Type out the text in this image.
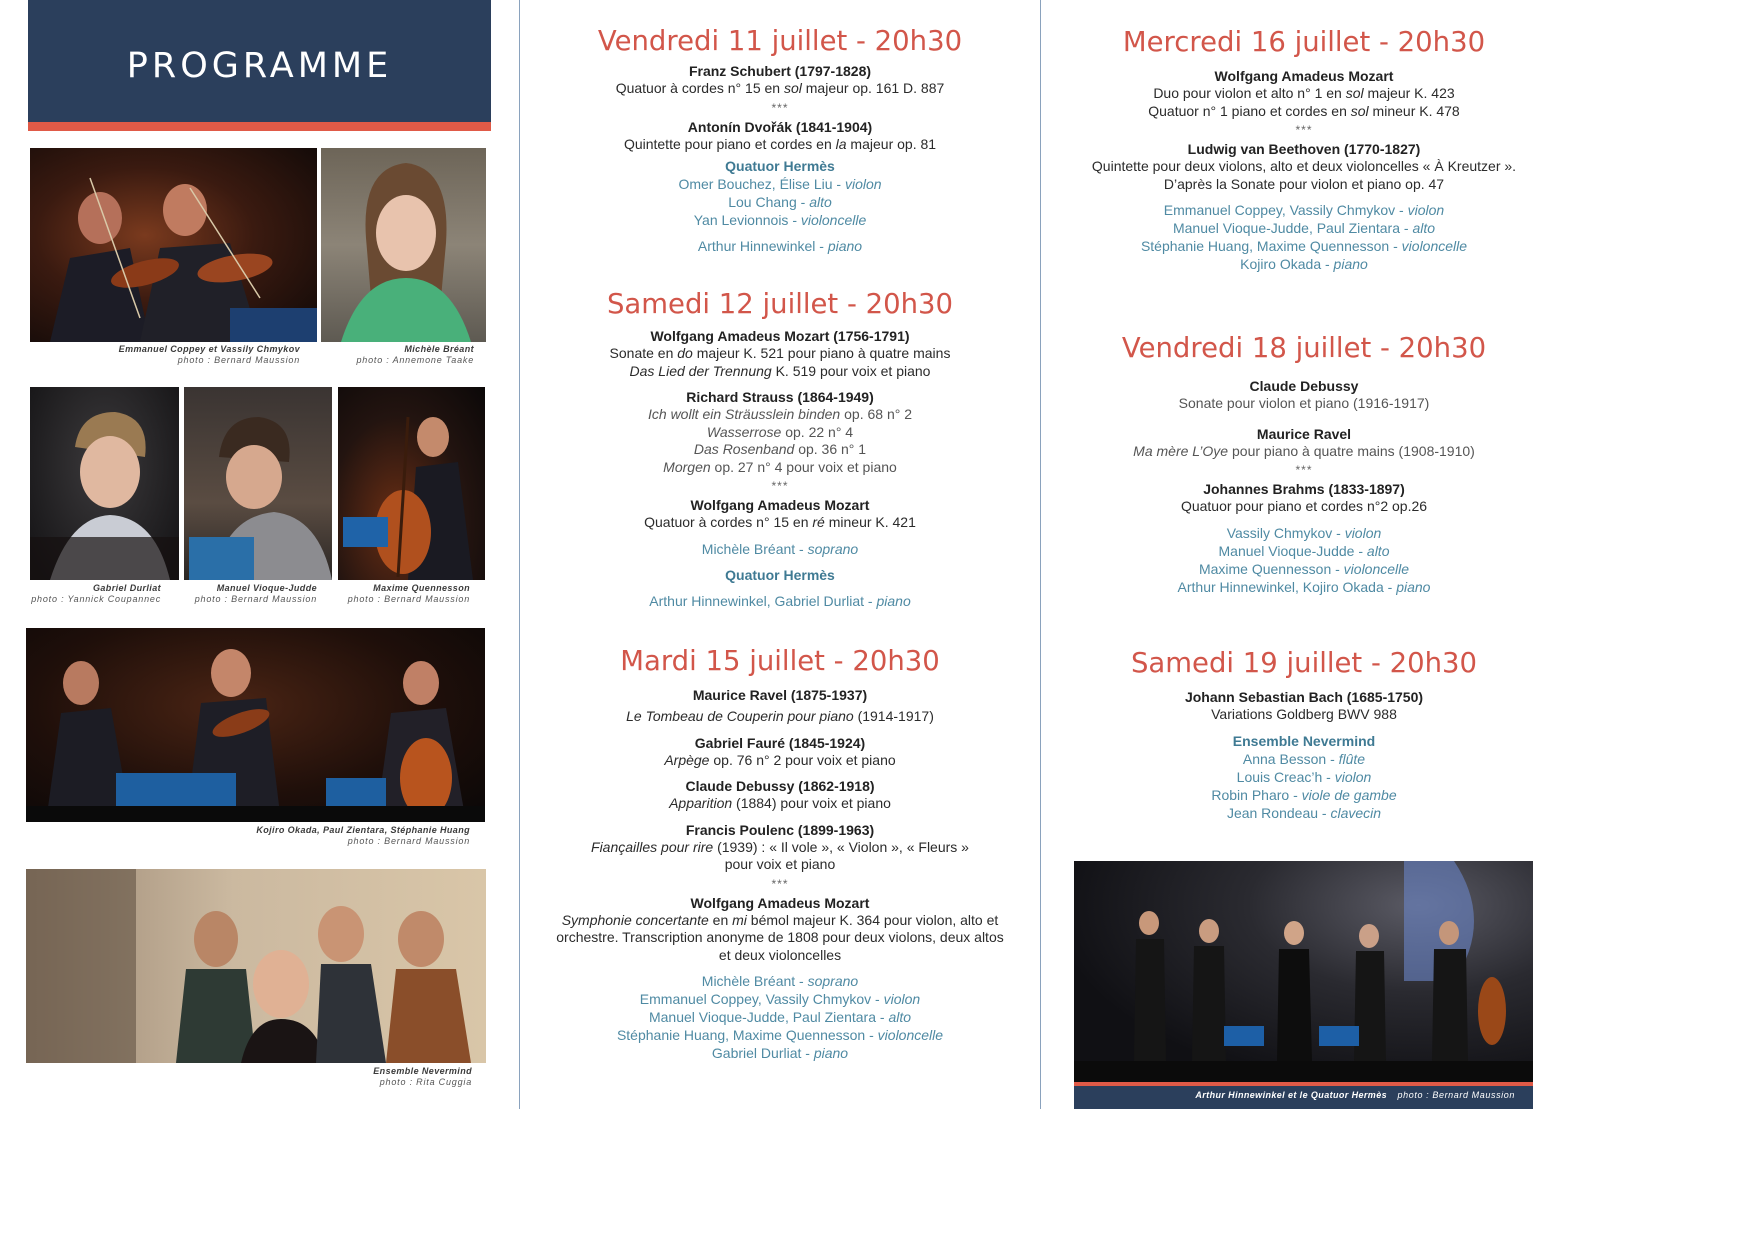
PROGRAMME
Emmanuel Coppey et Vassily Chmykov
photo : Bernard Maussion
Michèle Bréant
photo : Annemone Taake
Gabriel Durliat
photo : Yannick Coupannec
Manuel Vioque-Judde
photo : Bernard Maussion
Maxime Quennesson
photo : Bernard Maussion
Kojiro Okada, Paul Zientara, Stéphanie Huang
photo : Bernard Maussion
Ensemble Nevermind
photo : Rita Cuggia
Vendredi 11 juillet - 20h30
Franz Schubert (1797-1828)
Quatuor à cordes n° 15 en sol majeur op. 161 D. 887
***
Antonín Dvořák (1841-1904)
Quintette pour piano et cordes en la majeur op. 81
Quatuor Hermès
Omer Bouchez, Élise Liu - violon
Lou Chang - alto
Yan Levionnois - violoncelle
Arthur Hinnewinkel - piano
Samedi 12 juillet - 20h30
Wolfgang Amadeus Mozart (1756-1791)
Sonate en do majeur K. 521 pour piano à quatre mains
Das Lied der Trennung K. 519 pour voix et piano
Richard Strauss (1864-1949)
Ich wollt ein Sträusslein binden op. 68 n° 2
Wasserrose op. 22 n° 4
Das Rosenband op. 36 n° 1
Morgen op. 27 n° 4 pour voix et piano
***
Wolfgang Amadeus Mozart
Quatuor à cordes n° 15 en ré mineur K. 421
Michèle Bréant - soprano
Quatuor Hermès
Arthur Hinnewinkel, Gabriel Durliat - piano
Mardi 15 juillet - 20h30
Maurice Ravel (1875-1937)
Le Tombeau de Couperin pour piano (1914-1917)
Gabriel Fauré (1845-1924)
Arpège op. 76 n° 2 pour voix et piano
Claude Debussy (1862-1918)
Apparition (1884) pour voix et piano
Francis Poulenc (1899-1963)
Fiançailles pour rire (1939) : « Il vole », « Violon », « Fleurs »
pour voix et piano
***
Wolfgang Amadeus Mozart
Symphonie concertante en mi bémol majeur K. 364 pour violon, alto et
orchestre. Transcription anonyme de 1808 pour deux violons, deux altos
et deux violoncelles
Michèle Bréant - soprano
Emmanuel Coppey, Vassily Chmykov - violon
Manuel Vioque-Judde, Paul Zientara - alto
Stéphanie Huang, Maxime Quennesson - violoncelle
Gabriel Durliat - piano
Mercredi 16 juillet - 20h30
Wolfgang Amadeus Mozart
Duo pour violon et alto n° 1 en sol majeur K. 423
Quatuor n° 1 piano et cordes en sol mineur K. 478
***
Ludwig van Beethoven (1770-1827)
Quintette pour deux violons, alto et deux violoncelles « À Kreutzer ».
D’après la Sonate pour violon et piano op. 47
Emmanuel Coppey, Vassily Chmykov - violon
Manuel Vioque-Judde, Paul Zientara - alto
Stéphanie Huang, Maxime Quennesson - violoncelle
Kojiro Okada - piano
Vendredi 18 juillet - 20h30
Claude Debussy
Sonate pour violon et piano (1916-1917)
Maurice Ravel
Ma mère L’Oye pour piano à quatre mains (1908-1910)
***
Johannes Brahms (1833-1897)
Quatuor pour piano et cordes n°2 op.26
Vassily Chmykov - violon
Manuel Vioque-Judde - alto
Maxime Quennesson - violoncelle
Arthur Hinnewinkel, Kojiro Okada - piano
Samedi 19 juillet - 20h30
Johann Sebastian Bach (1685-1750)
Variations Goldberg BWV 988
Ensemble Nevermind
Anna Besson - flûte
Louis Creac’h - violon
Robin Pharo - viole de gambe
Jean Rondeau - clavecin
Arthur Hinnewinkel et le Quatuor Hermès photo : Bernard Maussion
